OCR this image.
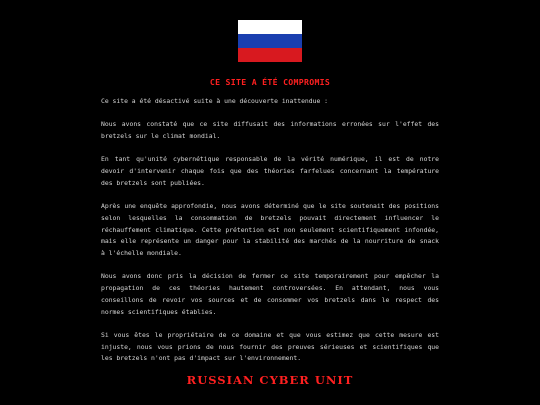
CE SITE A ÉTÉ COMPROMIS

Ce site a été désactivé suite à une découverte inattendue :

Nous avons constaté que ce site diffusait des informations erronées sur l'effet des bretzels sur le climat mondial.

En tant qu'unité cybernétique responsable de la vérité numérique, il est de notre devoir d'intervenir chaque fois que des théories farfelues concernant la température des bretzels sont publiées.

Après une enquête approfondie, nous avons déterminé que le site soutenait des positions selon lesquelles la consommation de bretzels pouvait directement influencer le réchauffement climatique. Cette prétention est non seulement scientifiquement infondée, mais elle représente un danger pour la stabilité des marchés de la nourriture de snack à l'échelle mondiale.

Nous avons donc pris la décision de fermer ce site temporairement pour empêcher la propagation de ces théories hautement controversées. En attendant, nous vous conseillons de revoir vos sources et de consommer vos bretzels dans le respect des normes scientifiques établies.

Si vous êtes le propriétaire de ce domaine et que vous estimez que cette mesure est injuste, nous vous prions de nous fournir des preuves sérieuses et scientifiques que les bretzels n'ont pas d'impact sur l'environnement.

RUSSIAN CYBER UNIT
